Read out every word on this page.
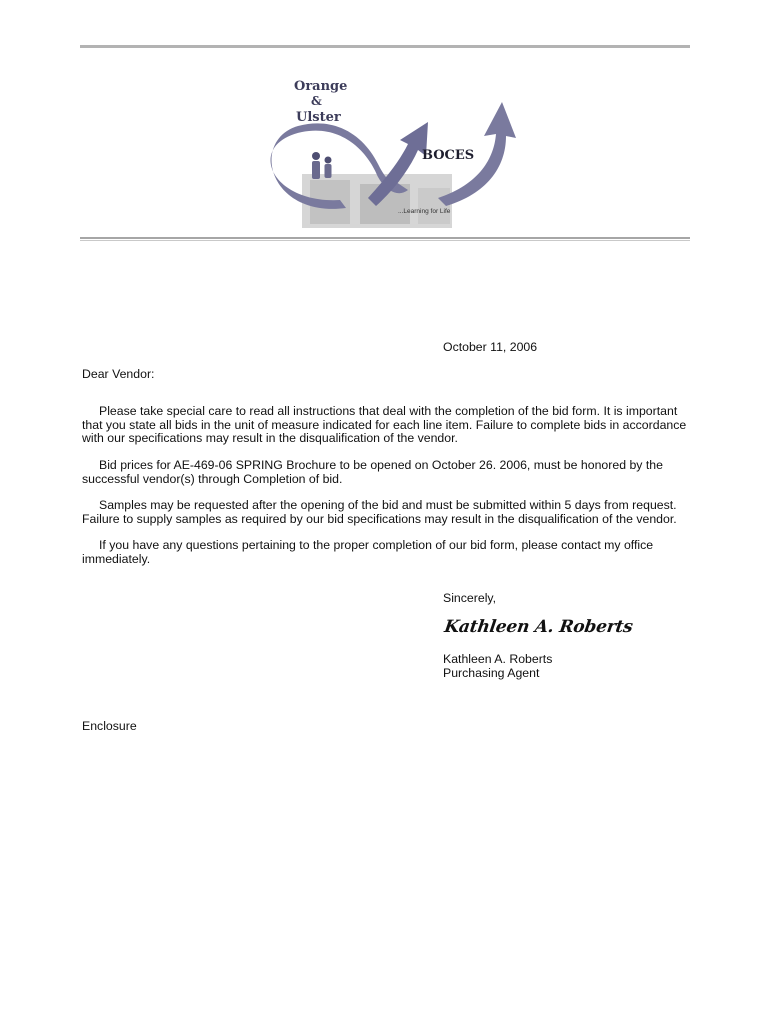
Orange
&
Ulster
BOCES
...Learning for Life

October 11, 2006

Dear Vendor:

Please take special care to read all instructions that deal with the completion of the bid form. It is important that you state all bids in the unit of measure indicated for each line item. Failure to complete bids in accordance with our specifications may result in the disqualification of the vendor.

Bid prices for AE-469-06 SPRING Brochure to be opened on October 26. 2006, must be honored by the successful vendor(s) through Completion of bid.

Samples may be requested after the opening of the bid and must be submitted within 5 days from request. Failure to supply samples as required by our bid specifications may result in the disqualification of the vendor.

If you have any questions pertaining to the proper completion of our bid form, please contact my office immediately.

Sincerely,

Kathleen A. Roberts

Kathleen A. Roberts

Purchasing Agent

Enclosure
